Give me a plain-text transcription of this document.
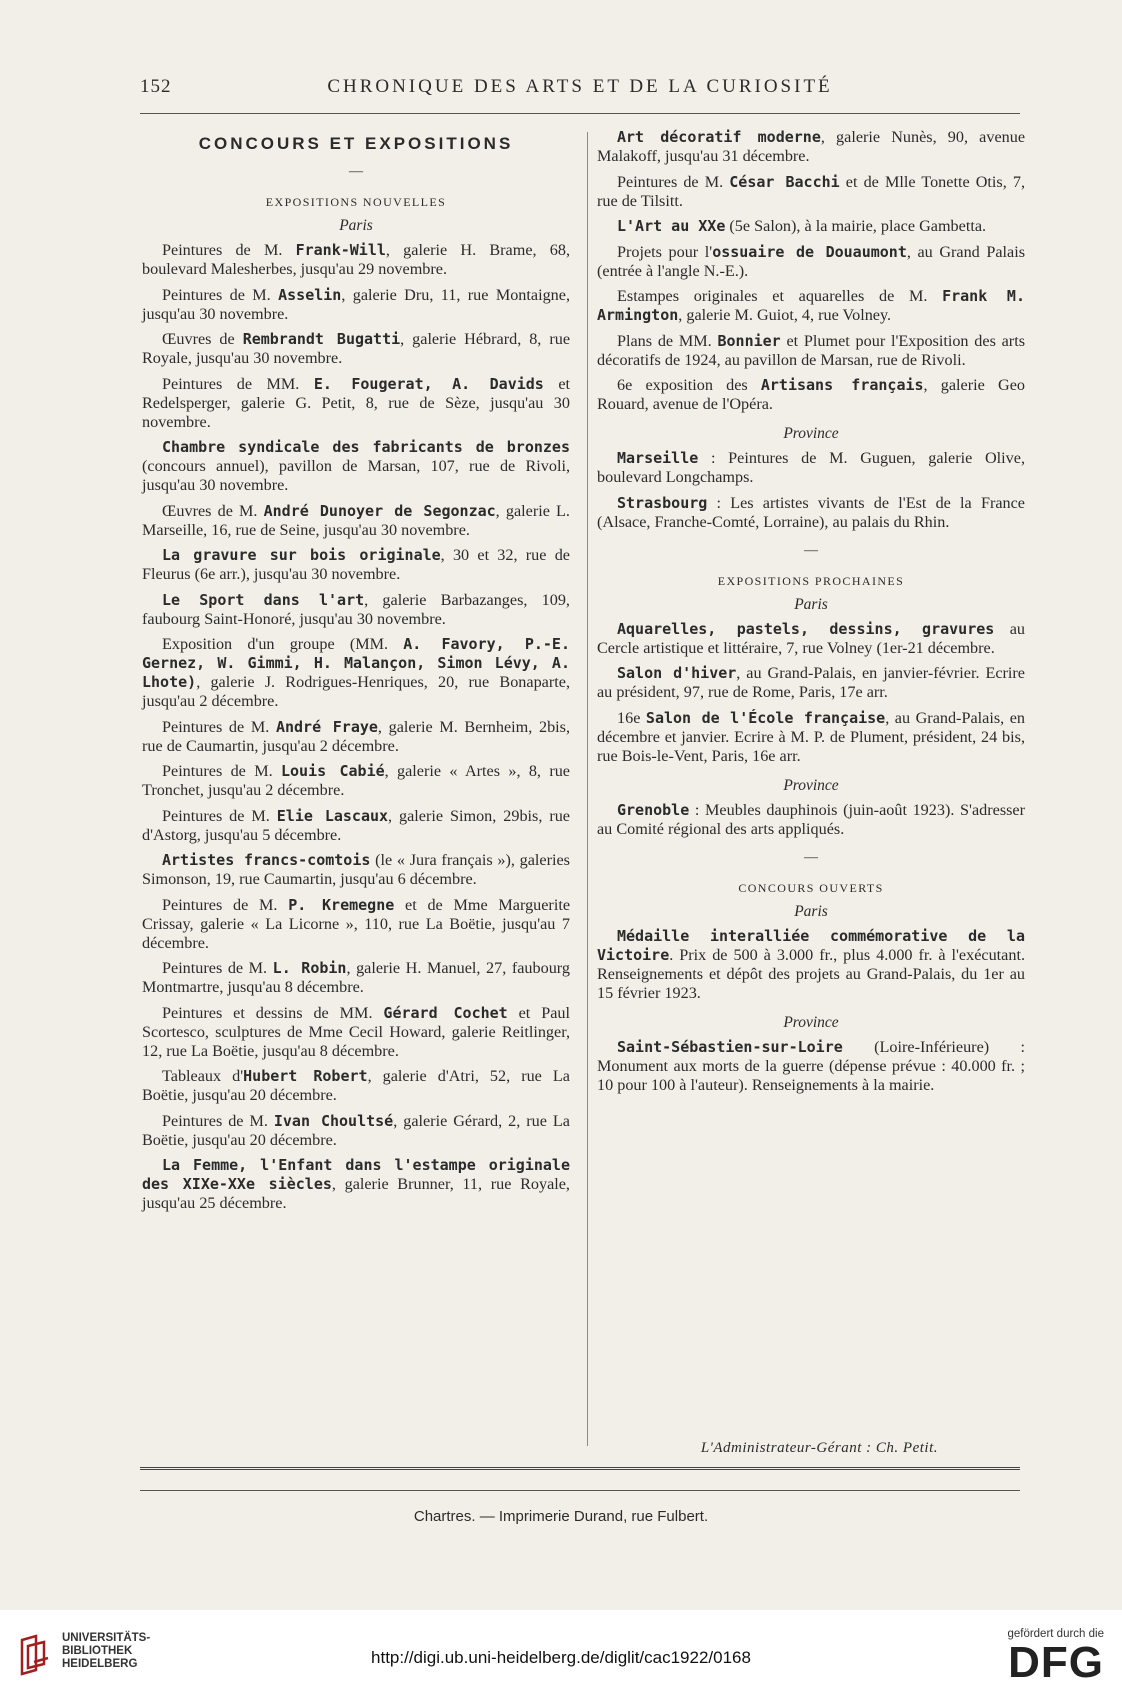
152	CHRONIQUE DES ARTS ET DE LA CURIOSITÉ
CONCOURS ET EXPOSITIONS
—
EXPOSITIONS NOUVELLES
Paris

Peintures de M. Frank-Will, galerie H. Brame, 68, boulevard Malesherbes, jusqu'au 29 novembre.

Peintures de M. Asselin, galerie Dru, 11, rue Montaigne, jusqu'au 30 novembre.

Œuvres de Rembrandt Bugatti, galerie Hébrard, 8, rue Royale, jusqu'au 30 novembre.

Peintures de MM. E. Fougerat, A. Davids et Redelsperger, galerie G. Petit, 8, rue de Sèze, jusqu'au 30 novembre.

Chambre syndicale des fabricants de bronzes (concours annuel), pavillon de Marsan, 107, rue de Rivoli, jusqu'au 30 novembre.

Œuvres de M. André Dunoyer de Segonzac, galerie L. Marseille, 16, rue de Seine, jusqu'au 30 novembre.

La gravure sur bois originale, 30 et 32, rue de Fleurus (6e arr.), jusqu'au 30 novembre.

Le Sport dans l'art, galerie Barbazanges, 109, faubourg Saint-Honoré, jusqu'au 30 novembre.

Exposition d'un groupe (MM. A. Favory, P.-E. Gernez, W. Gimmi, H. Malançon, Simon Lévy, A. Lhote), galerie J. Rodrigues-Henriques, 20, rue Bonaparte, jusqu'au 2 décembre.

Peintures de M. André Fraye, galerie M. Bernheim, 2bis, rue de Caumartin, jusqu'au 2 décembre.

Peintures de M. Louis Cabié, galerie « Artes », 8, rue Tronchet, jusqu'au 2 décembre.

Peintures de M. Elie Lascaux, galerie Simon, 29bis, rue d'Astorg, jusqu'au 5 décembre.

Artistes francs-comtois (le « Jura français »), galeries Simonson, 19, rue Caumartin, jusqu'au 6 décembre.

Peintures de M. P. Kremegne et de Mme Marguerite Crissay, galerie « La Licorne », 110, rue La Boëtie, jusqu'au 7 décembre.

Peintures de M. L. Robin, galerie H. Manuel, 27, faubourg Montmartre, jusqu'au 8 décembre.

Peintures et dessins de MM. Gérard Cochet et Paul Scortesco, sculptures de Mme Cecil Howard, galerie Reitlinger, 12, rue La Boëtie, jusqu'au 8 décembre.

Tableaux d'Hubert Robert, galerie d'Atri, 52, rue La Boëtie, jusqu'au 20 décembre.

Peintures de M. Ivan Choultsé, galerie Gérard, 2, rue La Boëtie, jusqu'au 20 décembre.

La Femme, l'Enfant dans l'estampe originale des XIXe-XXe siècles, galerie Brunner, 11, rue Royale, jusqu'au 25 décembre.

Art décoratif moderne, galerie Nunès, 90, avenue Malakoff, jusqu'au 31 décembre.

Peintures de M. César Bacchi et de Mlle Tonette Otis, 7, rue de Tilsitt.

L'Art au XXe (5e Salon), à la mairie, place Gambetta.

Projets pour l'ossuaire de Douaumont, au Grand Palais (entrée à l'angle N.-E.).

Estampes originales et aquarelles de M. Frank M. Armington, galerie M. Guiot, 4, rue Volney.

Plans de MM. Bonnier et Plumet pour l'Exposition des arts décoratifs de 1924, au pavillon de Marsan, rue de Rivoli.

6e exposition des Artisans français, galerie Geo Rouard, avenue de l'Opéra.

Province

Marseille : Peintures de M. Guguen, galerie Olive, boulevard Longchamps.

Strasbourg : Les artistes vivants de l'Est de la France (Alsace, Franche-Comté, Lorraine), au palais du Rhin.

—
EXPOSITIONS PROCHAINES
Paris

Aquarelles, pastels, dessins, gravures au Cercle artistique et littéraire, 7, rue Volney (1er-21 décembre.

Salon d'hiver, au Grand-Palais, en janvier-février. Ecrire au président, 97, rue de Rome, Paris, 17e arr.

16e Salon de l'École française, au Grand-Palais, en décembre et janvier. Ecrire à M. P. de Plument, président, 24 bis, rue Bois-le-Vent, Paris, 16e arr.

Province

Grenoble : Meubles dauphinois (juin-août 1923). S'adresser au Comité régional des arts appliqués.

—
CONCOURS OUVERTS
Paris

Médaille interalliée commémorative de la Victoire. Prix de 500 à 3.000 fr., plus 4.000 fr. à l'exécutant. Renseignements et dépôt des projets au Grand-Palais, du 1er au 15 février 1923.

Province

Saint-Sébastien-sur-Loire (Loire-Inférieure) : Monument aux morts de la guerre (dépense prévue : 40.000 fr. ; 10 pour 100 à l'auteur). Renseignements à la mairie.

L'Administrateur-Gérant : Ch. Petit.
Chartres. — Imprimerie Durand, rue Fulbert.
UNIVERSITÄTS-
BIBLIOTHEK
HEIDELBERG	http://digi.ub.uni-heidelberg.de/diglit/cac1922/0168
gefördert durch die
DFG
